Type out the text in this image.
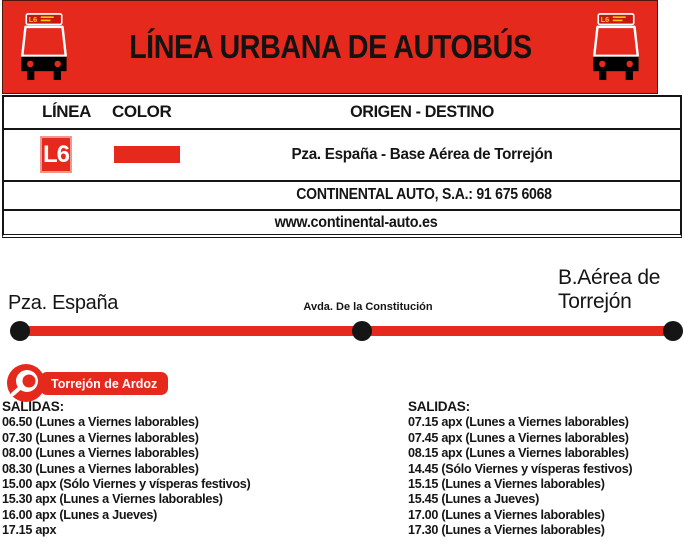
L6
LÍNEA URBANA DE AUTOBÚS
L6
LÍNEA COLOR	ORIGEN - DESTINO
L6	Pza. España - Base Aérea de Torrejón
CONTINENTAL AUTO, S.A.: 91 675 6068
www.continental-auto.es
Pza. España	Avda. De la Constitución
B.Aérea de Torrejón
Torrejón de Ardoz

SALIDAS:

06.50 (Lunes a Viernes laborables)

07.30 (Lunes a Viernes laborables)

08.00 (Lunes a Viernes laborables)

08.30 (Lunes a Viernes laborables)

15.00 apx (Sólo Viernes y vísperas festivos)

15.30 apx (Lunes a Viernes laborables)

16.00 apx (Lunes a Jueves)

17.15 apx

SALIDAS:

07.15 apx (Lunes a Viernes laborables)

07.45 apx (Lunes a Viernes laborables)

08.15 apx (Lunes a Viernes laborables)

14.45 (Sólo Viernes y vísperas festivos)

15.15 (Lunes a Viernes laborables)

15.45 (Lunes a Jueves)

17.00 (Lunes a Viernes laborables)

17.30 (Lunes a Viernes laborables)
